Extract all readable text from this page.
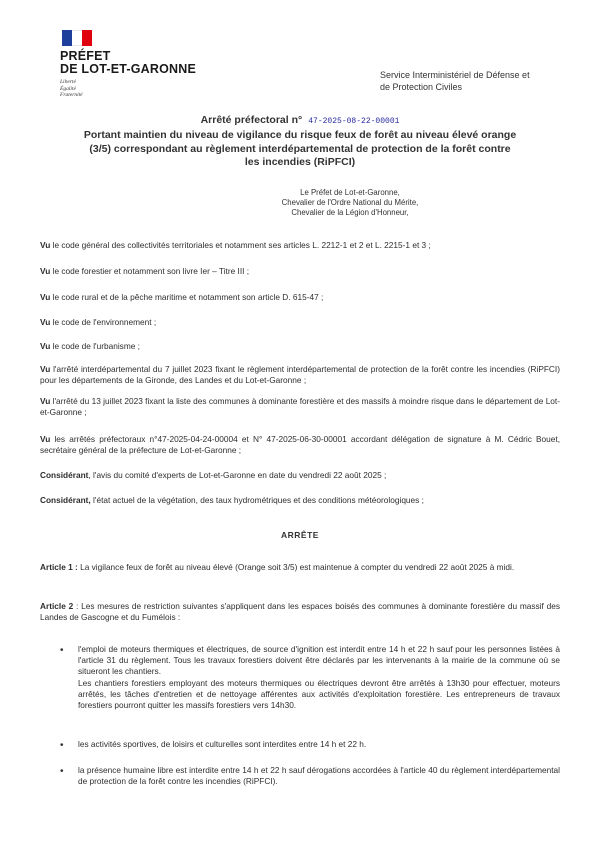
PRÉFET
DE LOT-ET-GARONNE
Liberté
Égalité
Fraternité
Service Interministériel de Défense et
de Protection Civiles
Arrêté préfectoral n° 47-2025-08-22-00001
Portant maintien du niveau de vigilance du risque feux de forêt au niveau élevé orange
(3/5) correspondant au règlement interdépartemental de protection de la forêt contre
les incendies (RiPFCI)
Le Préfet de Lot-et-Garonne,
Chevalier de l'Ordre National du Mérite,
Chevalier de la Légion d'Honneur,
Vu le code général des collectivités territoriales et notamment ses articles L. 2212-1 et 2 et L. 2215-1 et 3 ;
Vu le code forestier et notamment son livre Ier – Titre III ;
Vu le code rural et de la pêche maritime et notamment son article D. 615-47 ;
Vu le code de l'environnement ;
Vu le code de l'urbanisme ;
Vu l'arrêté interdépartemental du 7 juillet 2023 fixant le règlement interdépartemental de protection de la forêt contre les incendies (RiPFCI) pour les départements de la Gironde, des Landes et du Lot-et-Garonne ;
Vu l'arrêté du 13 juillet 2023 fixant la liste des communes à dominante forestière et des massifs à moindre risque dans le département de Lot-et-Garonne ;
Vu les arrêtés préfectoraux n°47-2025-04-24-00004 et N° 47-2025-06-30-00001 accordant délégation de signature à M. Cédric Bouet, secrétaire général de la préfecture de Lot-et-Garonne ;
Considérant, l'avis du comité d'experts de Lot-et-Garonne en date du vendredi 22 août 2025 ;
Considérant, l'état actuel de la végétation, des taux hydrométriques et des conditions météorologiques ;
ARRÊTE
Article 1 : La vigilance feux de forêt au niveau élevé (Orange soit 3/5) est maintenue à compter du vendredi 22 août 2025 à midi.
Article 2 : Les mesures de restriction suivantes s'appliquent dans les espaces boisés des communes à dominante forestière du massif des Landes de Gascogne et du Fumélois :
• l'emploi de moteurs thermiques et électriques, de source d'ignition est interdit entre 14 h et 22 h sauf pour les personnes listées à l'article 31 du règlement. Tous les travaux forestiers doivent être déclarés par les intervenants à la mairie de la commune où se situeront les chantiers.
Les chantiers forestiers employant des moteurs thermiques ou électriques devront être arrêtés à 13h30 pour effectuer, moteurs arrêtés, les tâches d'entretien et de nettoyage afférentes aux activités d'exploitation forestière. Les entrepreneurs de travaux forestiers pourront quitter les massifs forestiers vers 14h30.
• les activités sportives, de loisirs et culturelles sont interdites entre 14 h et 22 h.
• la présence humaine libre est interdite entre 14 h et 22 h sauf dérogations accordées à l'article 40 du règlement interdépartemental de protection de la forêt contre les incendies (RiPFCI).
